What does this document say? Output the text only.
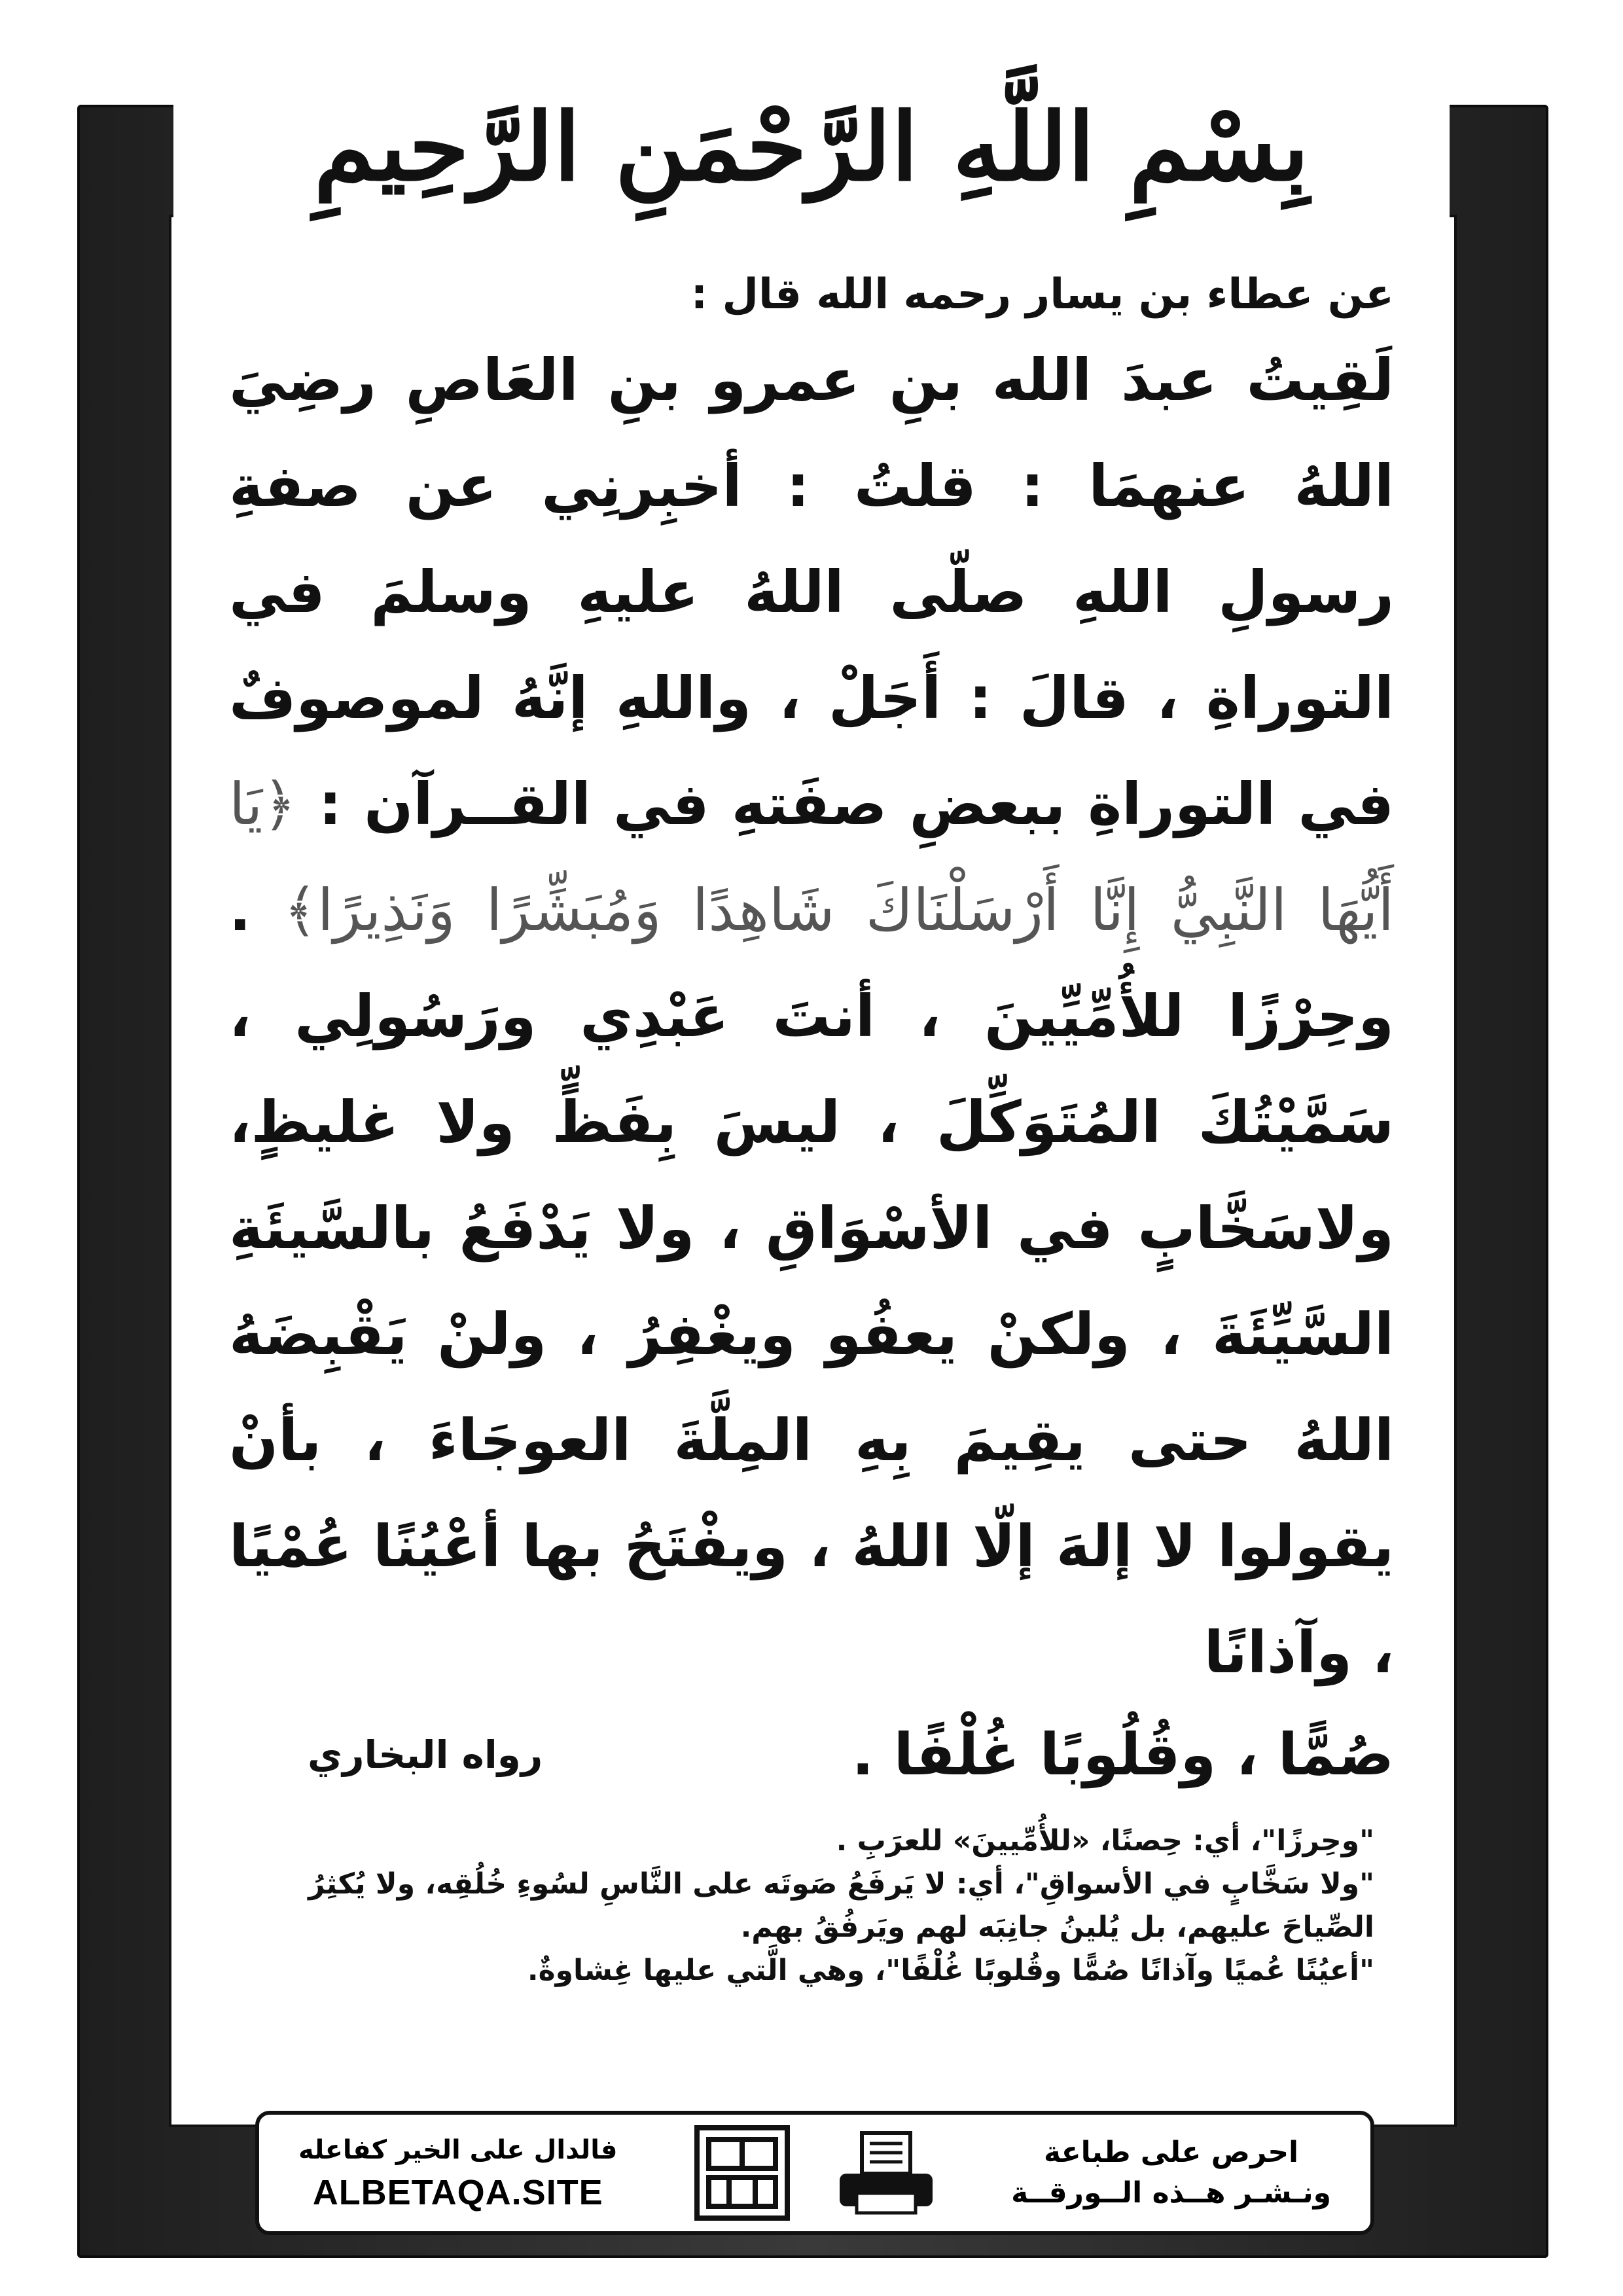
بِسْمِ اللَّهِ الرَّحْمَنِ الرَّحِيمِ

عن عطاء بن يسار رحمه الله قال :

لَقِيتُ عبدَ الله بنِ عمرو بنِ العَاصِ رضِيَ اللهُ عنهمَا : قلتُ : أخبِرنِي عن صفةِ رسولِ اللهِ صلّى اللهُ عليهِ وسلمَ في التوراةِ ، قالَ : أَجَلْ ، واللهِ إنَّهُ لموصوفٌ في التوراةِ ببعضِ صفَتهِ في القــرآن : ﴿يَا أَيُّهَا النَّبِيُّ إِنَّا أَرْسَلْنَاكَ شَاهِدًا وَمُبَشِّرًا وَنَذِيرًا﴾ . وحِرْزًا للأُمِّيِّينَ ، أنتَ عَبْدِي ورَسُولِي ، سَمَّيْتُكَ المُتَوَكِّلَ ، ليسَ بِفَظٍّ ولا غليظٍ، ولاسَخَّابٍ في الأسْوَاقِ ، ولا يَدْفَعُ بالسَّيئَةِ السَّيِّئَةَ ، ولكنْ يعفُو ويغْفِرُ ، ولنْ يَقْبِضَهُ اللهُ حتى يقِيمَ بِهِ المِلَّةَ العوجَاءَ ، بأنْ يقولوا لا إلهَ إلّا اللهُ ، ويفْتَحُ بها أعْيُنًا عُمْيًا ، وآذانًا

صُمًّا ، وقُلُوبًا غُلْفًا .
رواه البخاري

"وحِرزًا"، أي: حِصنًا، «للأُمِّيينَ» للعرَبِ .

"ولا سَخَّابٍ في الأسواقِ"، أي: لا يَرفَعُ صَوتَه على النَّاسِ لسُوءِ خُلُقِه، ولا يُكثِرُ الصِّياحَ عليهم، بل يُلينُ جانِبَه لهم ويَرفُقُ بهم.

"أعيُنًا عُميًا وآذانًا صُمًّا وقُلوبًا غُلْفًا"، وهي الَّتي عليها غِشاوةٌ.

احرص على طباعة
ونـشـر هــذه الــورقــة
فالدال على الخير كفاعله
ALBETAQA.SITE
